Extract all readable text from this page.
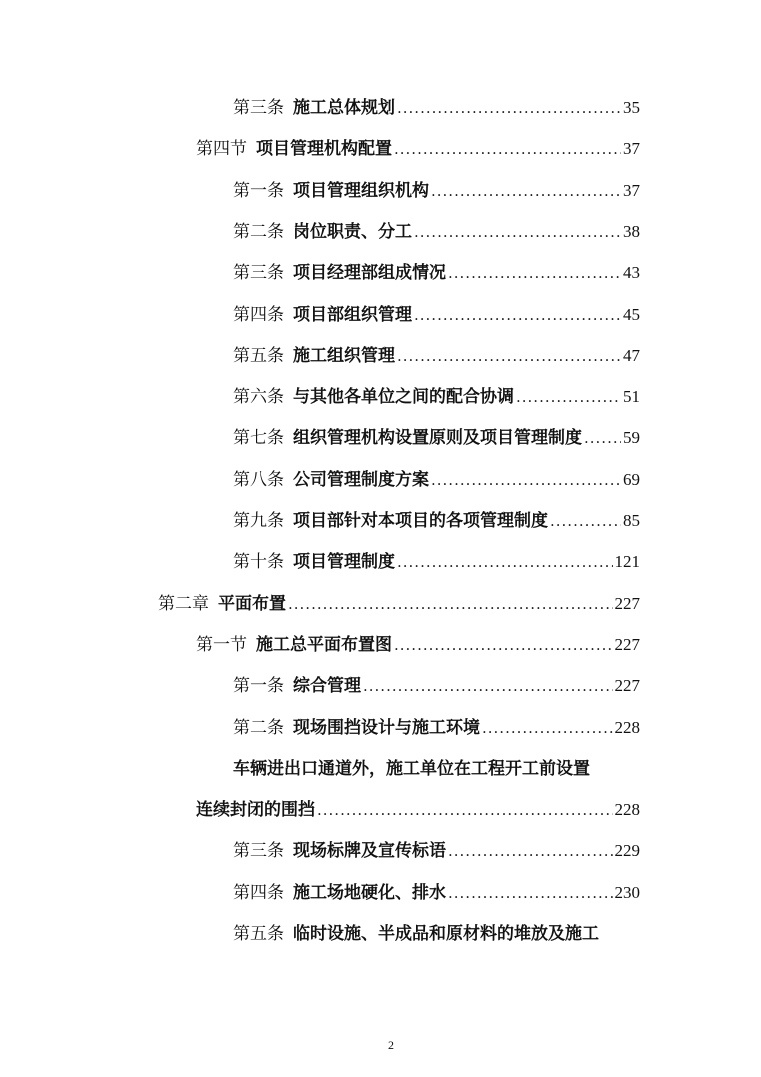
第三条 施工总体规划 .....	35
第四节 项目管理机构配置 .....	37
第一条 项目管理组织机构 .....	37
第二条 岗位职责、分工 .....	38
第三条 项目经理部组成情况 .....	43
第四条 项目部组织管理 .....	45
第五条 施工组织管理 .....	47
第六条 与其他各单位之间的配合协调 .....	51
第七条 组织管理机构设置原则及项目管理制度 ..... 59
第八条 公司管理制度方案 .....	69
第九条 项目部针对本项目的各项管理制度 .....	85
第十条 项目管理制度 .....	121
第二章 平面布置 .....	227
第一节 施工总平面布置图 .....	227
第一条 综合管理 .....	227
第二条 现场围挡设计与施工环境 .....	228
车辆进出口通道外，施工单位在工程开工前设置
连续封闭的围挡 .....	228
第三条 现场标牌及宣传标语 .....	229
第四条 施工场地硬化、排水 .....	230
第五条 临时设施、半成品和原材料的堆放及施工
2
